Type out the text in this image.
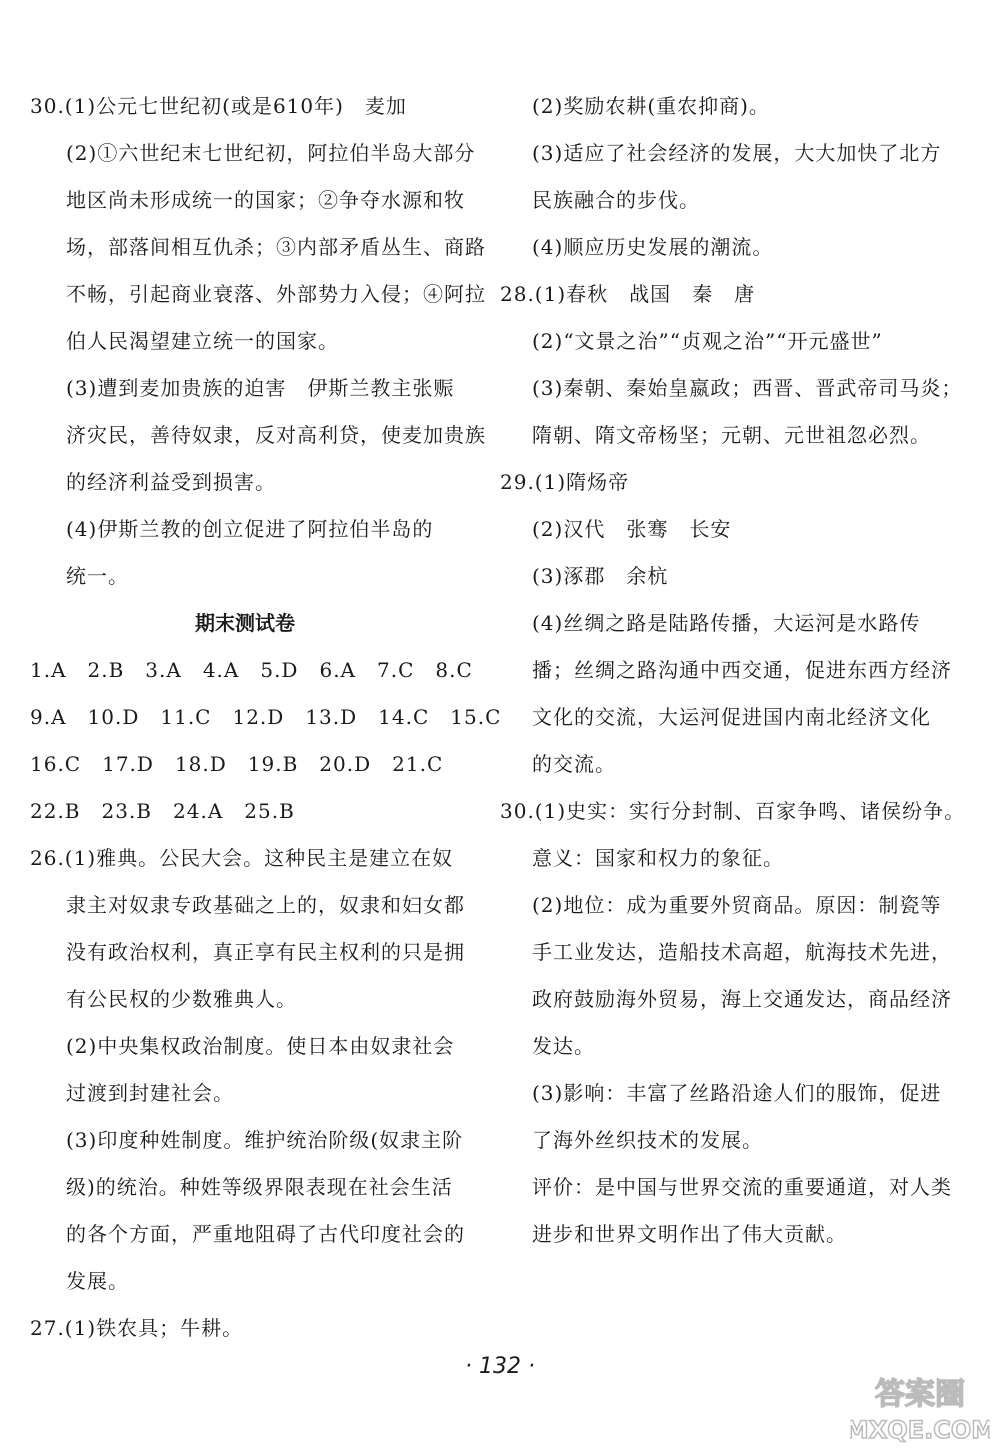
30.(1)公元七世纪初(或是610年)　麦加
(2)①六世纪末七世纪初，阿拉伯半岛大部分
地区尚未形成统一的国家；②争夺水源和牧
场，部落间相互仇杀；③内部矛盾丛生、商路
不畅，引起商业衰落、外部势力入侵；④阿拉
伯人民渴望建立统一的国家。
(3)遭到麦加贵族的迫害　伊斯兰教主张赈
济灾民，善待奴隶，反对高利贷，使麦加贵族
的经济利益受到损害。
(4)伊斯兰教的创立促进了阿拉伯半岛的
统一。
期末测试卷
1.A　2.B　3.A　4.A　5.D　6.A　7.C　8.C
9.A　10.D　11.C　12.D　13.D　14.C　15.C
16.C　17.D　18.D　19.B　20.D　21.C
22.B　23.B　24.A　25.B
26.(1)雅典。公民大会。这种民主是建立在奴
隶主对奴隶专政基础之上的，奴隶和妇女都
没有政治权利，真正享有民主权利的只是拥
有公民权的少数雅典人。
(2)中央集权政治制度。使日本由奴隶社会
过渡到封建社会。
(3)印度种姓制度。维护统治阶级(奴隶主阶
级)的统治。种姓等级界限表现在社会生活
的各个方面，严重地阻碍了古代印度社会的
发展。
27.(1)铁农具；牛耕。
(2)奖励农耕(重农抑商)。
(3)适应了社会经济的发展，大大加快了北方
民族融合的步伐。
(4)顺应历史发展的潮流。
28.(1)春秋　战国　秦　唐
(2)“文景之治”“贞观之治”“开元盛世”
(3)秦朝、秦始皇嬴政；西晋、晋武帝司马炎；
隋朝、隋文帝杨坚；元朝、元世祖忽必烈。
29.(1)隋炀帝
(2)汉代　张骞　长安
(3)涿郡　余杭
(4)丝绸之路是陆路传播，大运河是水路传
播；丝绸之路沟通中西交通，促进东西方经济
文化的交流，大运河促进国内南北经济文化
的交流。
30.(1)史实：实行分封制、百家争鸣、诸侯纷争。
意义：国家和权力的象征。
(2)地位：成为重要外贸商品。原因：制瓷等
手工业发达，造船技术高超，航海技术先进，
政府鼓励海外贸易，海上交通发达，商品经济
发达。
(3)影响：丰富了丝路沿途人们的服饰，促进
了海外丝织技术的发展。
评价：是中国与世界交流的重要通道，对人类
进步和世界文明作出了伟大贡献。
· 132 ·
答案圈
MXQE.COM
